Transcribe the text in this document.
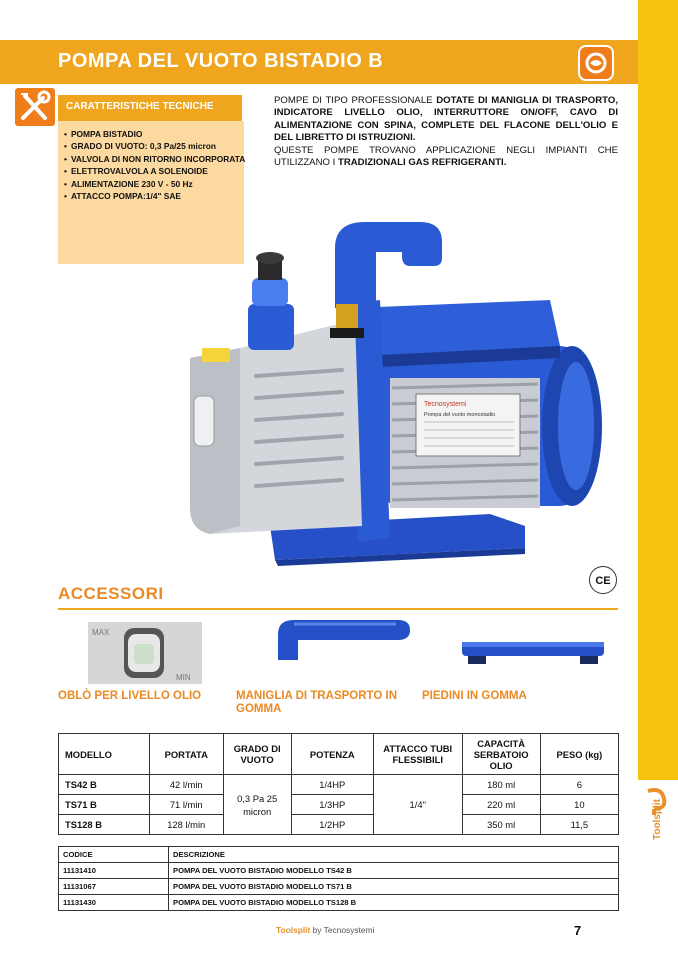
Toolsplit
POMPA DEL VUOTO BISTADIO B
CARATTERISTICHE TECNICHE
• POMPA BISTADIO
• GRADO DI VUOTO: 0,3 Pa/25 micron
• VALVOLA DI NON RITORNO INCORPORATA
• ELETTROVALVOLA A SOLENOIDE
• ALIMENTAZIONE 230 V - 50 Hz
• ATTACCO POMPA:1/4" SAE
POMPE DI TIPO PROFESSIONALE DOTATE DI MANIGLIA DI TRASPORTO, INDICATORE LIVELLO OLIO, INTERRUTTORE ON/OFF, CAVO DI ALIMENTAZIONE CON SPINA, COMPLETE DEL FLACONE DELL'OLIO E DEL LIBRETTO DI ISTRUZIONI.
QUESTE POMPE TROVANO APPLICAZIONE NEGLI IMPIANTI CHE UTILIZZANO I TRADIZIONALI GAS REFRIGERANTI.
Tecnosystemi
Pompa del vuoto monostadio
CE
ACCESSORI
MAX
MIN
OBLÒ PER LIVELLO OLIO	MANIGLIA DI TRASPORTO IN GOMMA
PIEDINI IN GOMMA
MODELLO	PORTATA	GRADO DI VUOTO	POTENZA	ATTACCO TUBI FLESSIBILI	CAPACITÀ SERBATOIO OLIO	PESO (kg)
TS42 B	42 l/min	0,3 Pa 25 micron	1/4HP	1/4"	180 ml	6
TS71 B	71 l/min		1/3HP		220 ml	10
TS128 B	128 l/min		1/2HP		350 ml	11,5
CODICE	DESCRIZIONE
11131410	POMPA DEL VUOTO BISTADIO MODELLO TS42 B
11131067	POMPA DEL VUOTO BISTADIO MODELLO TS71 B
11131430	POMPA DEL VUOTO BISTADIO MODELLO TS128 B
Toolsplit by Tecnosystemi	7
